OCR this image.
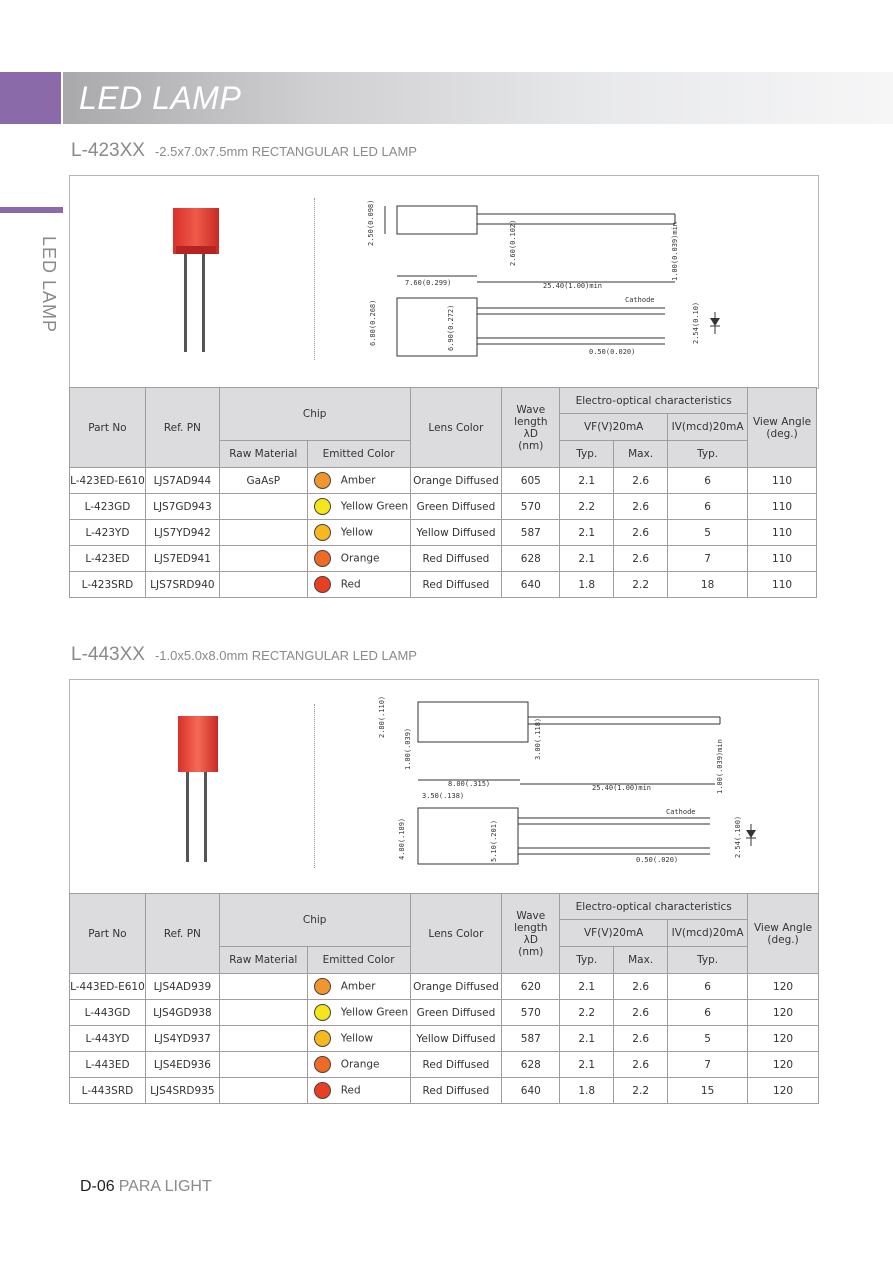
LED LAMP
LED LAMP
L-423XX -2.5x7.0x7.5mm RECTANGULAR LED LAMP
2.50(0.098)	2.60(0.102)	1.00(0.039)min
7.60(0.299)	25.40(1.00)min
Cathode
6.80(0.268)	6.90(0.272)	2.54(0.10)
0.50(0.020)
Part No	Ref. PN	Chip		Lens Color	Wave length
λD
(nm)	Electro-optical characteristics			View Angle (deg.)
						VF(V)20mA		IV(mcd)20mA	
		Raw Material	Emitted Color			Typ.	Max.	Typ.	
L-423ED-E610	LJS7AD944	GaAsP	Amber	Orange Diffused	605	2.1	2.6	6	110
L-423GD	LJS7GD943		Yellow Green	Green Diffused	570	2.2	2.6	6	110
L-423YD	LJS7YD942		Yellow	Yellow Diffused	587	2.1	2.6	5	110
L-423ED	LJS7ED941		Orange	Red Diffused	628	2.1	2.6	7	110
L-423SRD	LJS7SRD940		Red	Red Diffused	640	1.8	2.2	18	110
L-443XX -1.0x5.0x8.0mm RECTANGULAR LED LAMP
2.80(.110)
1.00(.039)	3.00(.118)
8.00(.315)	25.40(1.00)min
3.50(.138)
1.00(.039)min
Cathode
4.80(.189)	5.10(.201)	2.54(.100)
0.50(.020)
Part No	Ref. PN	Chip		Lens Color	Wave length
λD
(nm)	Electro-optical characteristics			View Angle (deg.)
						VF(V)20mA		IV(mcd)20mA	
		Raw Material	Emitted Color			Typ.	Max.	Typ.	
L-443ED-E610	LJS4AD939		Amber	Orange Diffused	620	2.1	2.6	6	120
L-443GD	LJS4GD938		Yellow Green	Green Diffused	570	2.2	2.6	6	120
L-443YD	LJS4YD937		Yellow	Yellow Diffused	587	2.1	2.6	5	120
L-443ED	LJS4ED936		Orange	Red Diffused	628	2.1	2.6	7	120
L-443SRD	LJS4SRD935		Red	Red Diffused	640	1.8	2.2	15	120
D-06 PARA LIGHT
